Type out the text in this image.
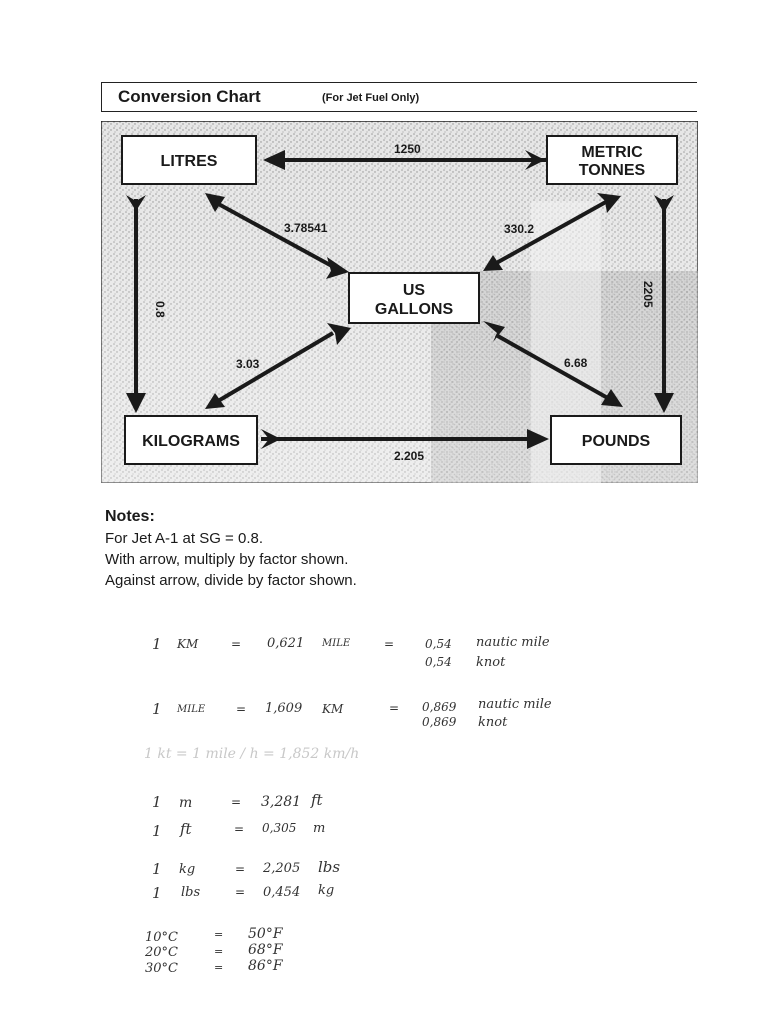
Conversion Chart	(For Jet Fuel Only)
LITRES
METRIC
TONNES
US
GALLONS
KILOGRAMS	POUNDS
1250
3.78541	330.2
0.8
2205
3.03	6.68
2.205
Notes:
For Jet A-1 at SG = 0.8.
With arrow, multiply by factor shown.
Against arrow, divide by factor shown.
1 KM	= 0,621 MILE	=	0,54 nautic mile
0,54 knot
1 MILE	= 1,609 KM	= 0,869 nautic mile
0,869 knot
1 kt = 1 mile / h = 1,852 km/h
1 m	= 3,281 ft
1 ft	= 0,305 m
1 kg	= 2,205 lbs
1 lbs	= 0,454 kg
10°C	= 50°F
20°C	= 68°F
30°C	= 86°F
